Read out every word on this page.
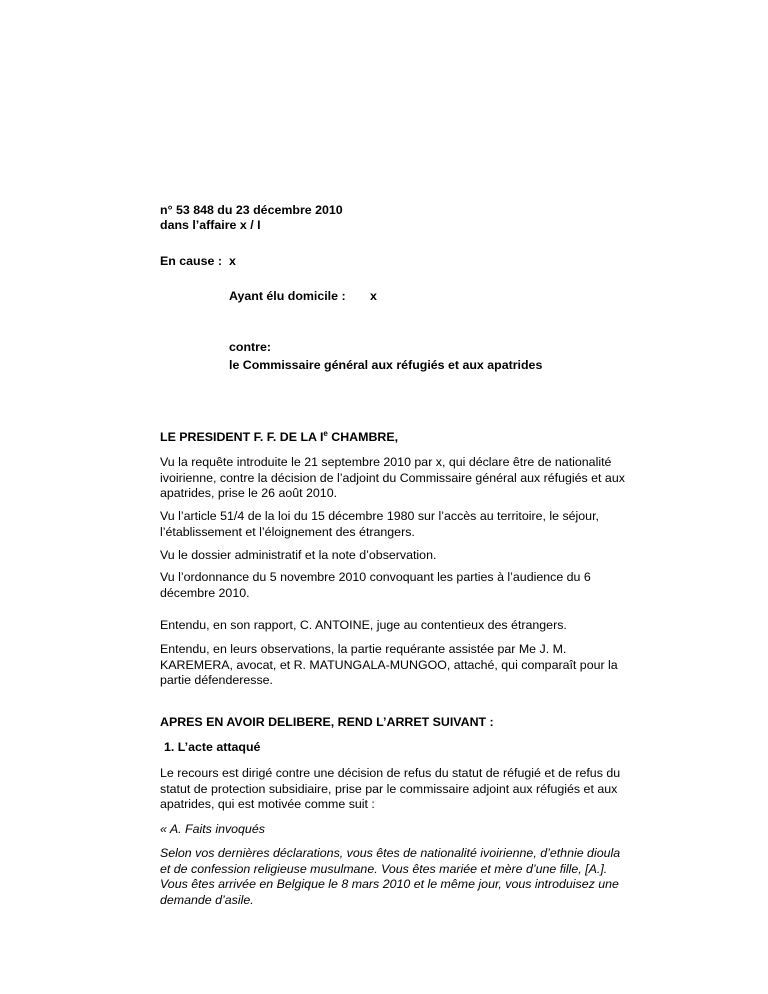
n° 53 848 du 23 décembre 2010
dans l’affaire x / I
En cause : x
Ayant élu domicile : x
contre:
le Commissaire général aux réfugiés et aux apatrides
LE PRESIDENT F. F. DE LA Ie CHAMBRE,
Vu la requête introduite le 21 septembre 2010 par x, qui déclare être de nationalité ivoirienne, contre la décision de l’adjoint du Commissaire général aux réfugiés et aux apatrides, prise le 26 août 2010.
Vu l’article 51/4 de la loi du 15 décembre 1980 sur l’accès au territoire, le séjour, l’établissement et l’éloignement des étrangers.
Vu le dossier administratif et la note d’observation.
Vu l’ordonnance du 5 novembre 2010 convoquant les parties à l’audience du 6 décembre 2010.
Entendu, en son rapport, C. ANTOINE, juge au contentieux des étrangers.
Entendu, en leurs observations, la partie requérante assistée par Me J. M. KAREMERA, avocat, et R. MATUNGALA-MUNGOO, attaché, qui comparaît pour la partie défenderesse.
APRES EN AVOIR DELIBERE, REND L’ARRET SUIVANT :
1. L’acte attaqué
Le recours est dirigé contre une décision de refus du statut de réfugié et de refus du statut de protection subsidiaire, prise par le commissaire adjoint aux réfugiés et aux apatrides, qui est motivée comme suit :
« A. Faits invoqués
Selon vos dernières déclarations, vous êtes de nationalité ivoirienne, d’ethnie dioula et de confession religieuse musulmane. Vous êtes mariée et mère d’une fille, [A.]. Vous êtes arrivée en Belgique le 8 mars 2010 et le même jour, vous introduisez une demande d’asile.
